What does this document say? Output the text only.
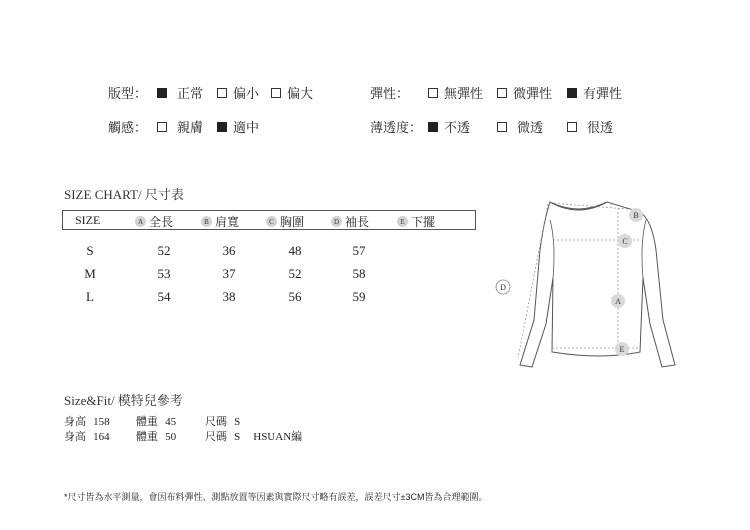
版型： 正常 偏小 偏大	彈性：	無彈性 微彈性 有彈性
觸感： 親膚 適中	薄透度： 不透	微透	很透
SIZE CHART/ 尺寸表
SIZE	A 全長	B 肩寬	C 胸圍	D 袖長	E 下擺
S	52	36	48	57
M	53	37	52	58
L	54	38	56	59
B
C
D
A
E
Size&Fit/ 模特兒參考
身高 158 體重 45	尺碼 S
身高 164 體重 50	尺碼 S HSUAN編
*尺寸皆為水平測量，會因布料彈性、測點放置等因素與實際尺寸略有誤差，誤差尺寸±3CM皆為合理範圍。
